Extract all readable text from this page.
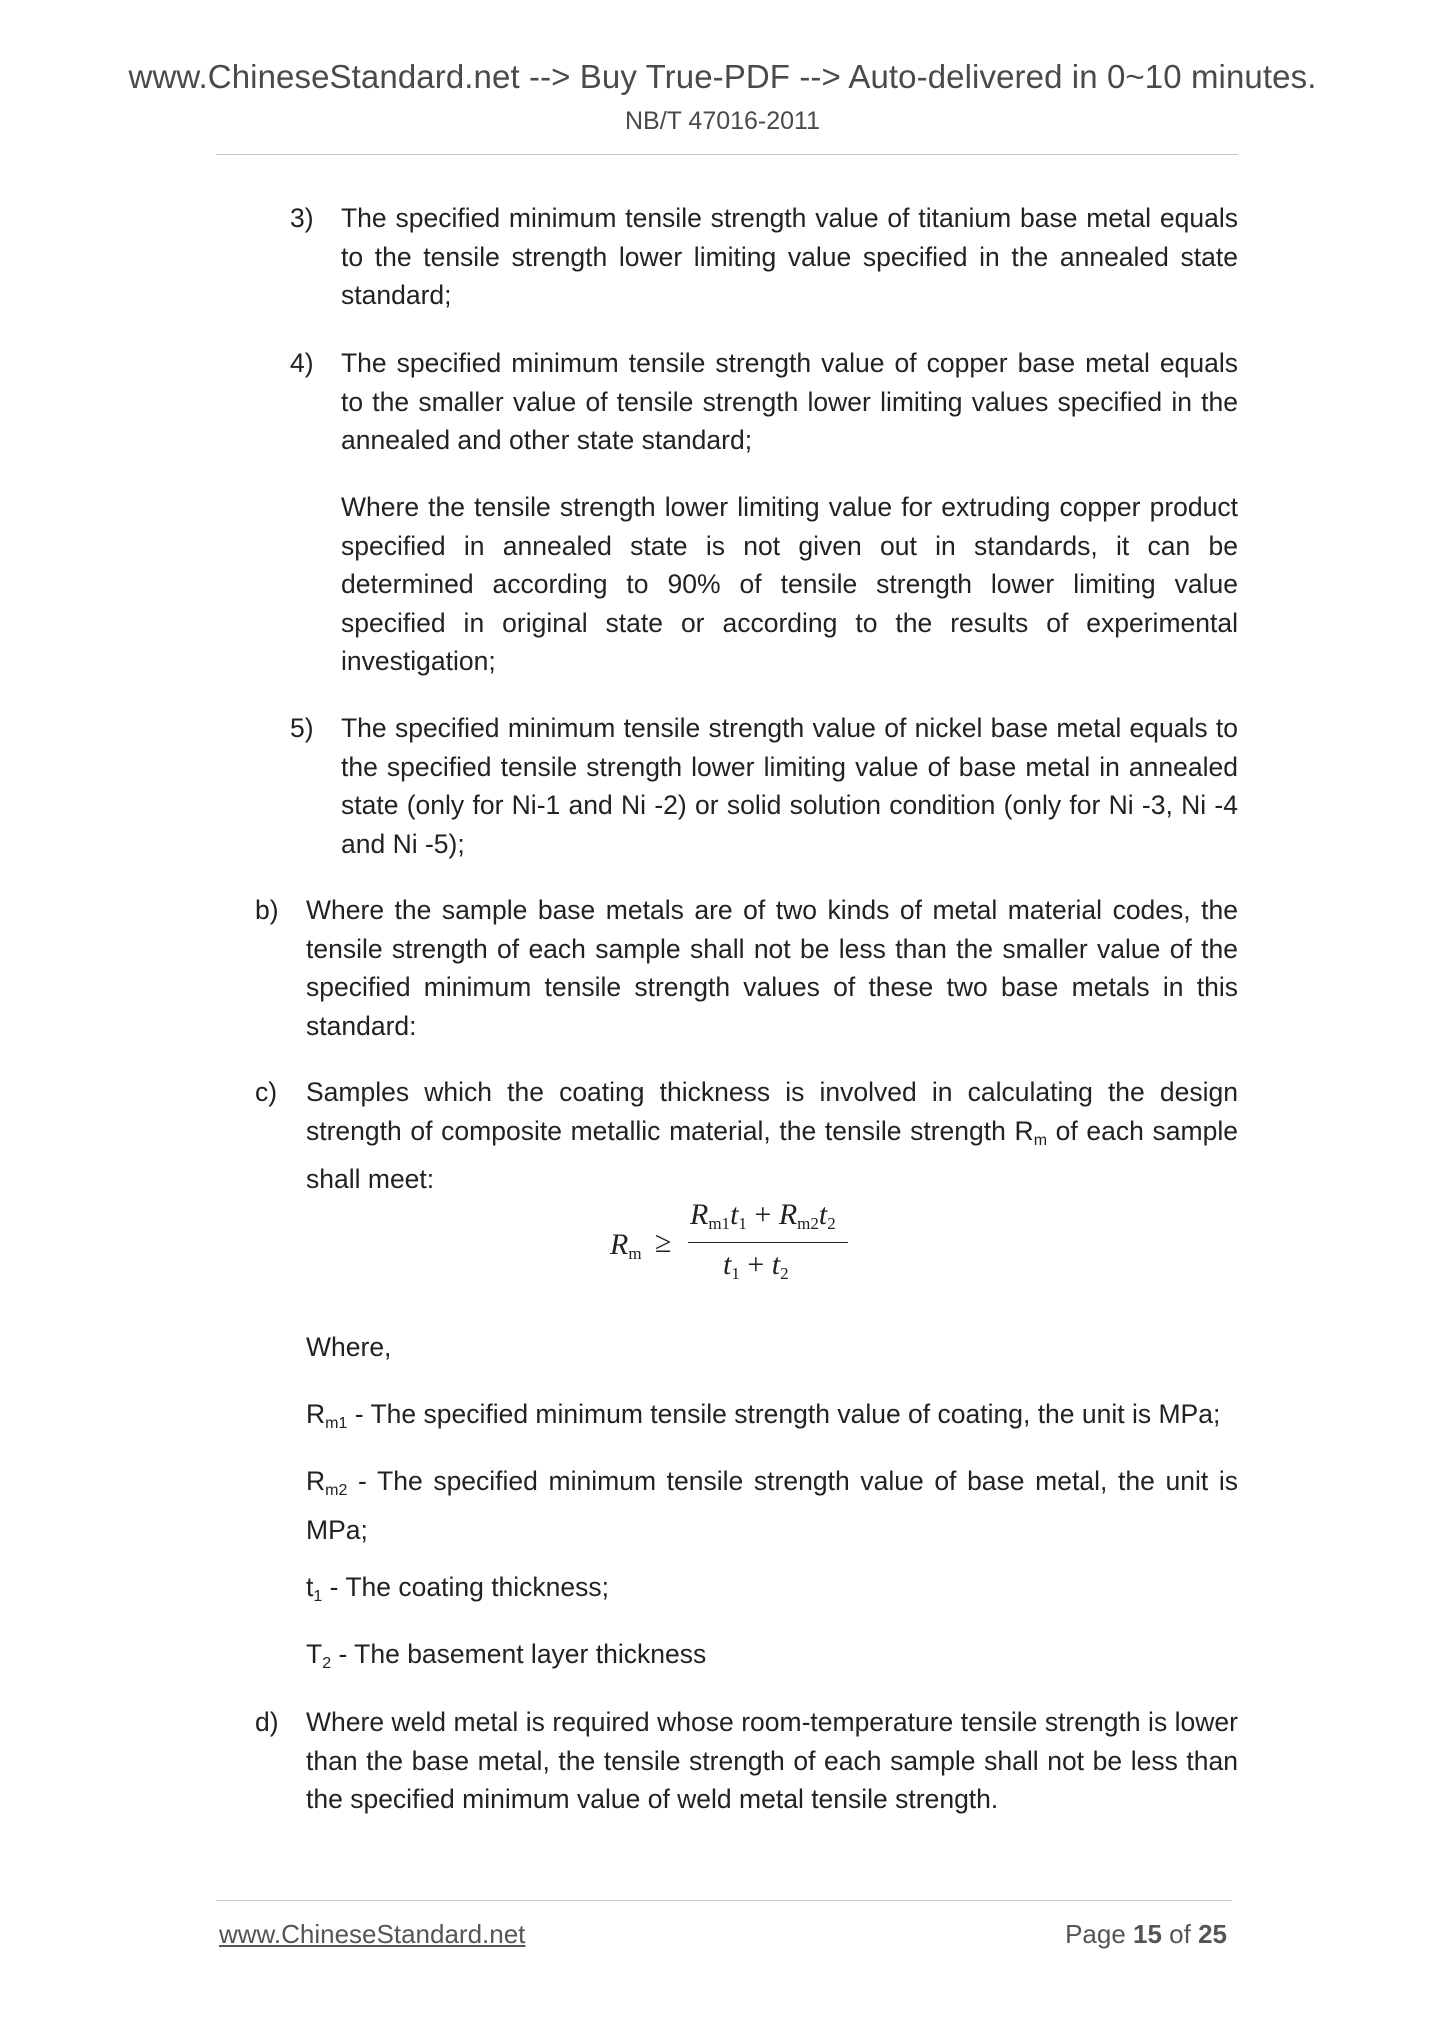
www.ChineseStandard.net --> Buy True-PDF --> Auto-delivered in 0~10 minutes.
NB/T 47016-2011
3) The specified minimum tensile strength value of titanium base metal equals to the tensile strength lower limiting value specified in the annealed state standard;
4) The specified minimum tensile strength value of copper base metal equals to the smaller value of tensile strength lower limiting values specified in the annealed and other state standard;
Where the tensile strength lower limiting value for extruding copper product specified in annealed state is not given out in standards, it can be determined according to 90% of tensile strength lower limiting value specified in original state or according to the results of experimental investigation;
5) The specified minimum tensile strength value of nickel base metal equals to the specified tensile strength lower limiting value of base metal in annealed state (only for Ni-1 and Ni -2) or solid solution condition (only for Ni -3, Ni -4 and Ni -5);
b) Where the sample base metals are of two kinds of metal material codes, the tensile strength of each sample shall not be less than the smaller value of the specified minimum tensile strength values of these two base metals in this standard:
c) Samples which the coating thickness is involved in calculating the design strength of composite metallic material, the tensile strength $R_m$ of each sample shall meet:
$R_m$ ≥
$R_{m1}t_1 + R_{m2}t_2$
$t_1 + t_2$
Where,
$R_{m1}$ - The specified minimum tensile strength value of coating, the unit is MPa;
$R_{m2}$ - The specified minimum tensile strength value of base metal, the unit is MPa;
$t_1$ - The coating thickness;
$T_2$ - The basement layer thickness
d) Where weld metal is required whose room-temperature tensile strength is lower than the base metal, the tensile strength of each sample shall not be less than the specified minimum value of weld metal tensile strength.
www.ChineseStandard.net	Page 15 of 25
